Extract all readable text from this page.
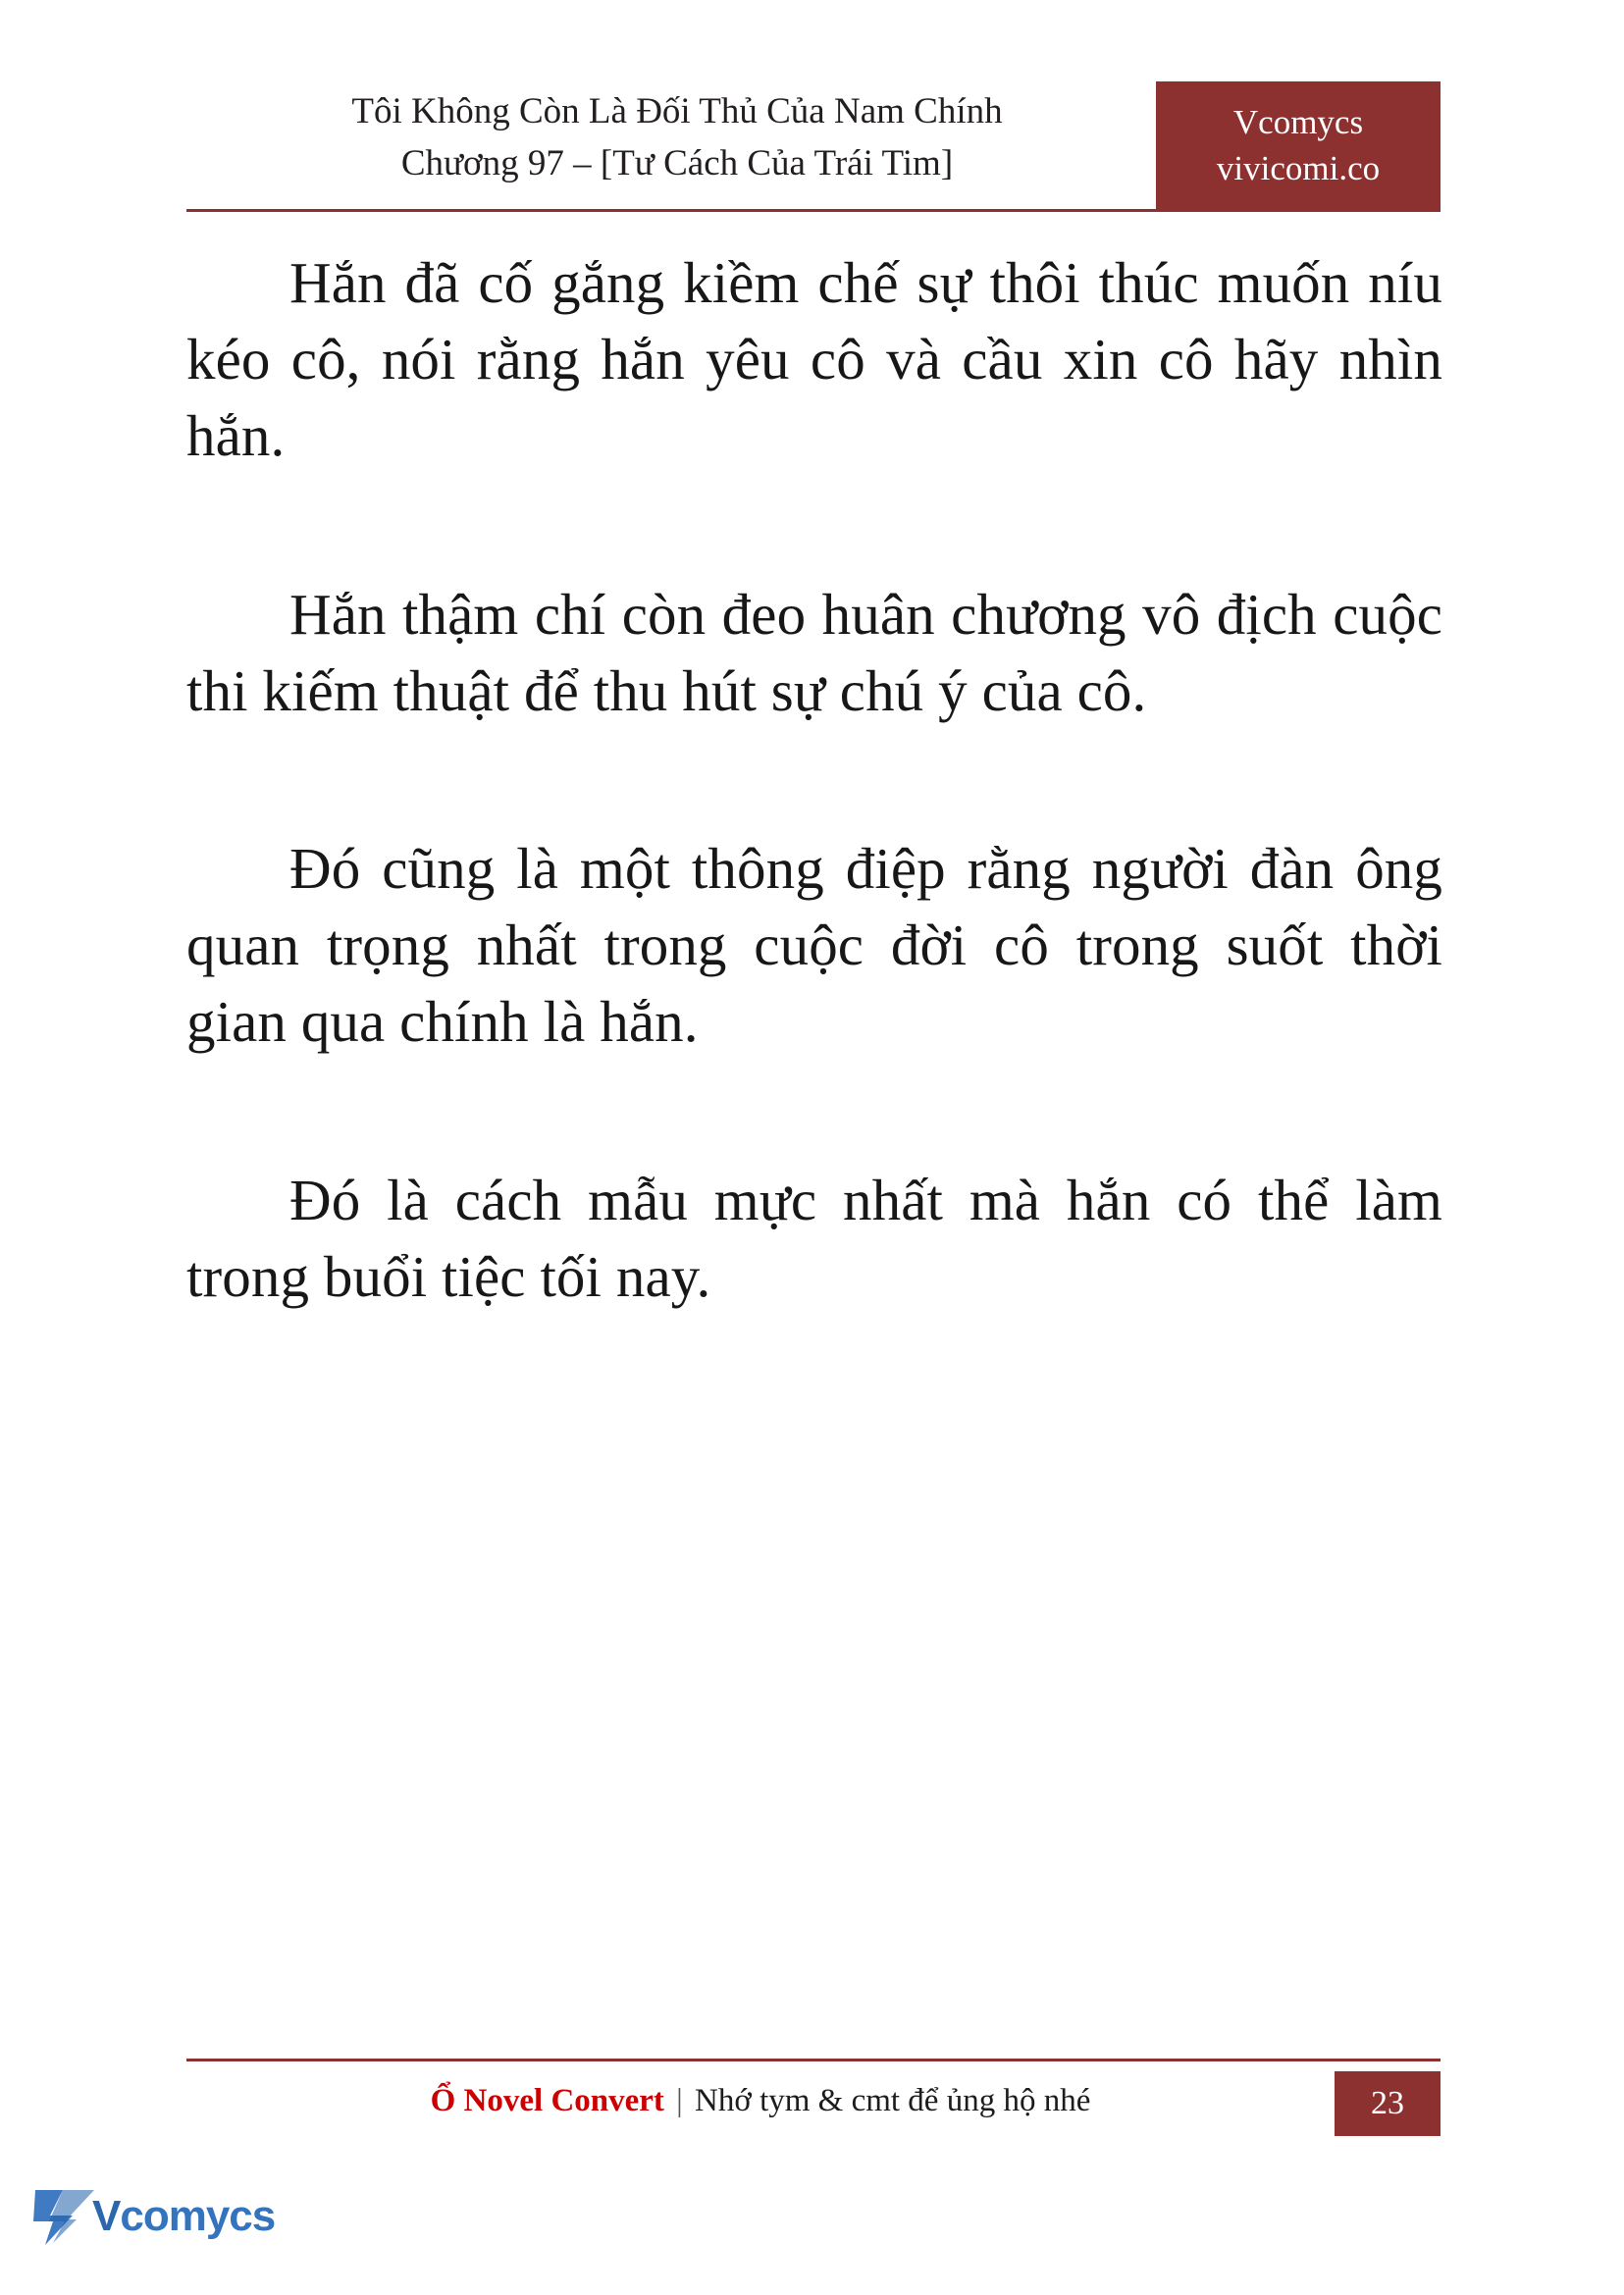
Tôi Không Còn Là Đối Thủ Của Nam Chính
Chương 97 – [Tư Cách Của Trái Tim]
Vcomycs
vivicomi.co

Hắn đã cố gắng kiềm chế sự thôi thúc muốn níu kéo cô, nói rằng hắn yêu cô và cầu xin cô hãy nhìn hắn.

Hắn thậm chí còn đeo huân chương vô địch cuộc thi kiếm thuật để thu hút sự chú ý của cô.

Đó cũng là một thông điệp rằng người đàn ông quan trọng nhất trong cuộc đời cô trong suốt thời gian qua chính là hắn.

Đó là cách mẫu mực nhất mà hắn có thể làm trong buổi tiệc tối nay.

Ổ Novel Convert | Nhớ tym & cmt để ủng hộ nhé	23
Vcomycs
